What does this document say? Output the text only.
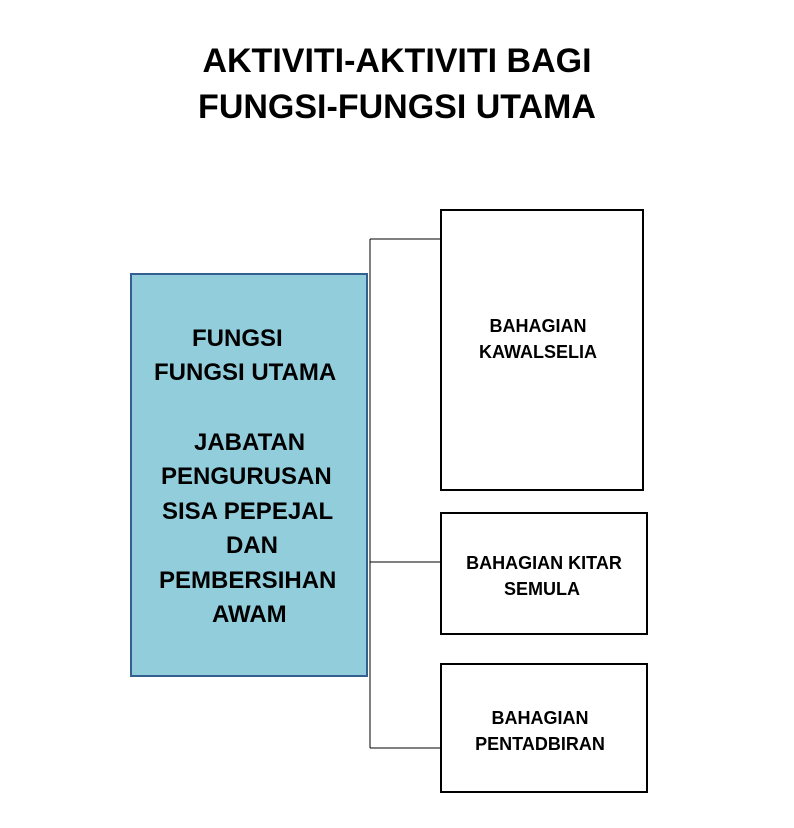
AKTIVITI-AKTIVITI BAGI
FUNGSI-FUNGSI UTAMA
FUNGSI
FUNGSI UTAMA
JABATAN
PENGURUSAN
SISA PEPEJAL
DAN
PEMBERSIHAN
AWAM
BAHAGIAN
KAWALSELIA
BAHAGIAN KITAR
SEMULA
BAHAGIAN
PENTADBIRAN
